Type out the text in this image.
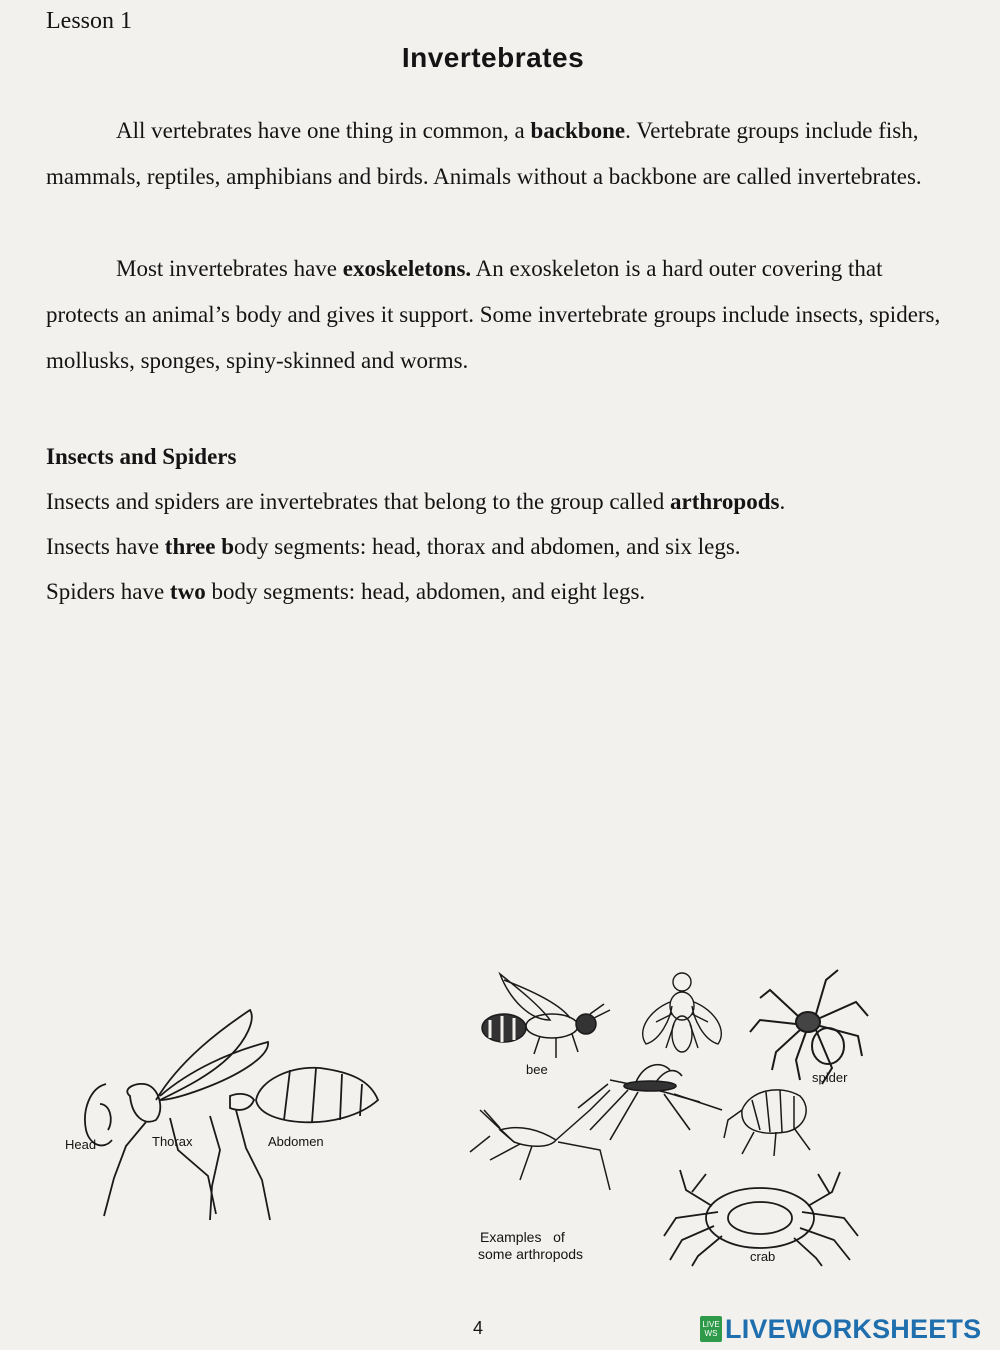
Lesson 1
Invertebrates
All vertebrates have one thing in common, a backbone. Vertebrate groups include fish, mammals, reptiles, amphibians and birds. Animals without a backbone are called invertebrates.
Most invertebrates have exoskeletons. An exoskeleton is a hard outer covering that protects an animal’s body and gives it support. Some invertebrate groups include insects, spiders, mollusks, sponges, spiny-skinned and worms.
Insects and Spiders
Insects and spiders are invertebrates that belong to the group called arthropods.
Insects have three body segments: head, thorax and abdomen, and six legs.
Spiders have two body segments: head, abdomen, and eight legs.
Head	Thorax	Abdomen
bee
spider
crab
Examples   of
some arthropods
4	LIVE
WS LIVEWORKSHEETS
